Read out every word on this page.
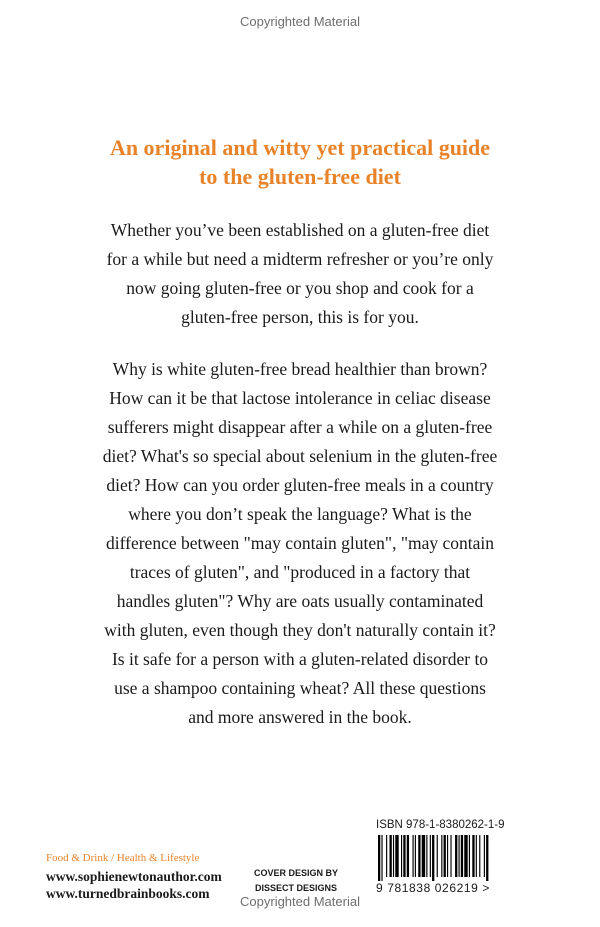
Copyrighted Material
An original and witty yet practical guide
to the gluten-free diet
Whether you’ve been established on a gluten-free diet
for a while but need a midterm refresher or you’re only
now going gluten-free or you shop and cook for a
gluten-free person, this is for you.
Why is white gluten-free bread healthier than brown?
How can it be that lactose intolerance in celiac disease
sufferers might disappear after a while on a gluten-free
diet? What's so special about selenium in the gluten-free
diet? How can you order gluten-free meals in a country
where you don’t speak the language? What is the
difference between "may contain gluten", "may contain
traces of gluten", and "produced in a factory that
handles gluten"? Why are oats usually contaminated
with gluten, even though they don't naturally contain it?
Is it safe for a person with a gluten-related disorder to
use a shampoo containing wheat? All these questions
and more answered in the book.
Food & Drink / Health & Lifestyle
www.sophienewtonauthor.com
www.turnedbrainbooks.com
COVER DESIGN BY
DISSECT DESIGNS
ISBN 978-1-8380262-1-9
9 781838 026219 >
Copyrighted Material
